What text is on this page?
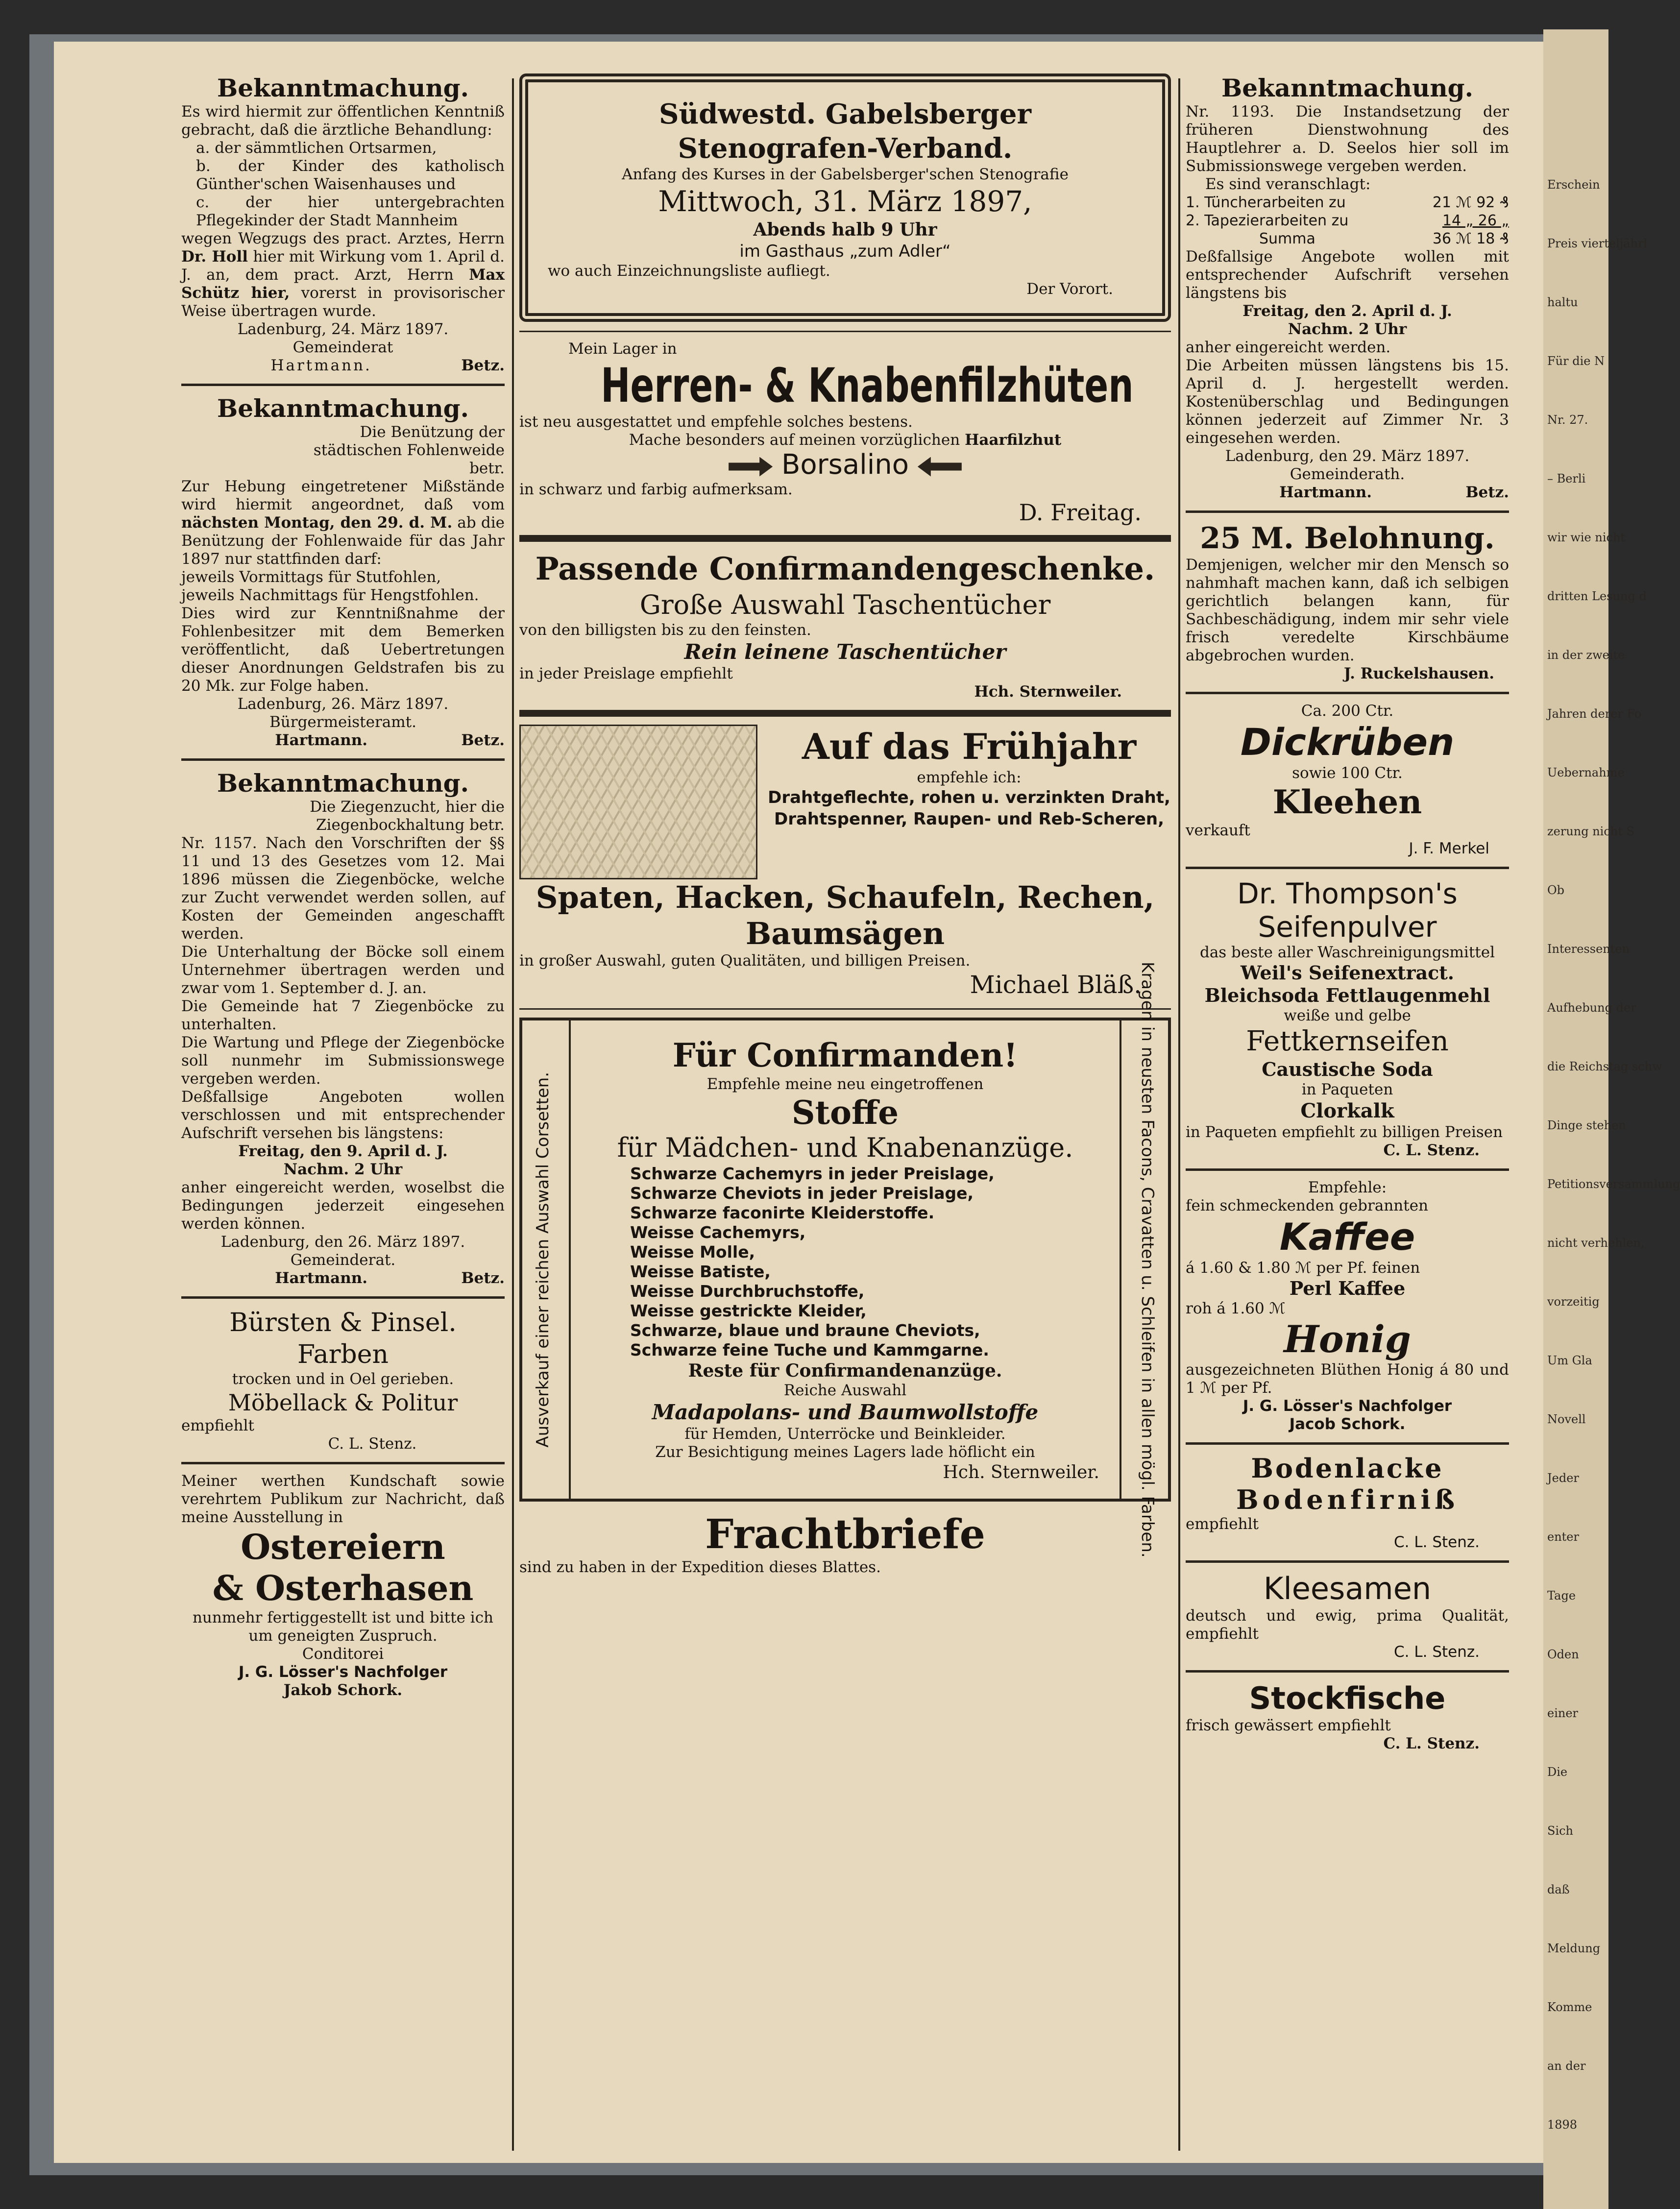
Erschein
Preis vierteljährl
haltu
Für die N
Nr. 27.
– Berli
wir wie nicht
dritten Lesung d
in der zweite
Jahren derer Fo
Uebernahme
zerung nicht S
Ob
Interessenten
Aufhebung der
die Reichstag schw
Dinge stehen
Petitionsversammlung
nicht verhehlen,
vorzeitig
Um Gla
Novell
Jeder
enter
Tage
Oden
einer
Die
Sich
daß
Meldung
Komme
an der
1898
Bekanntmachung.

Es wird hiermit zur öffentlichen Kenntniß gebracht, daß die ärztliche Behandlung:

a. der sämmtlichen Ortsarmen,

b. der Kinder des katholisch Günther'schen Waisenhauses und

c. der hier untergebrachten Pflegekinder der Stadt Mannheim

wegen Wegzugs des pract. Arztes, Herrn Dr. Holl hier mit Wirkung vom 1. April d. J. an, dem pract. Arzt, Herrn Max Schütz hier, vorerst in provisorischer Weise übertragen wurde.

Ladenburg, 24. März 1897.

Gemeinderat

Hartmann.	Betz.

Bekanntmachung.

Die Benützung der städtischen Fohlenweide betr.

Zur Hebung eingetretener Mißstände wird hiermit angeordnet, daß vom nächsten Montag, den 29. d. M. ab die Benützung der Fohlenwaide für das Jahr 1897 nur stattfinden darf:

jeweils Vormittags für Stutfohlen,

jeweils Nachmittags für Hengstfohlen.

Dies wird zur Kenntnißnahme der Fohlenbesitzer mit dem Bemerken veröffentlicht, daß Uebertretungen dieser Anordnungen Geldstrafen bis zu 20 Mk. zur Folge haben.

Ladenburg, 26. März 1897.

Bürgermeisteramt.

Hartmann.	Betz.

Bekanntmachung.

Die Ziegenzucht, hier die Ziegenbockhaltung betr.

Nr. 1157. Nach den Vorschriften der §§ 11 und 13 des Gesetzes vom 12. Mai 1896 müssen die Ziegenböcke, welche zur Zucht verwendet werden sollen, auf Kosten der Gemeinden angeschafft werden.

Die Unterhaltung der Böcke soll einem Unternehmer übertragen werden und zwar vom 1. September d. J. an.

Die Gemeinde hat 7 Ziegenböcke zu unterhalten.

Die Wartung und Pflege der Ziegenböcke soll nunmehr im Submissionswege vergeben werden.

Deßfallsige Angeboten wollen verschlossen und mit entsprechender Aufschrift versehen bis längstens:

Freitag, den 9. April d. J.

Nachm. 2 Uhr

anher eingereicht werden, woselbst die Bedingungen jederzeit eingesehen werden können.

Ladenburg, den 26. März 1897.

Gemeinderat.

Hartmann.	Betz.

Bürsten & Pinsel.
Farben

trocken und in Oel gerieben.

Möbellack & Politur

empfiehlt

C. L. Stenz.

Meiner werthen Kundschaft sowie verehrtem Publikum zur Nachricht, daß meine Ausstellung in

Ostereiern
& Osterhasen

nunmehr fertiggestellt ist und bitte ich um geneigten Zuspruch.

Conditorei

J. G. Lösser's Nachfolger

Jakob Schork.

Südwestd. Gabelsberger
Stenografen-Verband.

Anfang des Kurses in der Gabelsberger'schen Stenografie

Mittwoch, 31. März 1897,

Abends halb 9 Uhr

im Gasthaus „zum Adler“

wo auch Einzeichnungsliste aufliegt.

Der Vorort.

Mein Lager in

Herren- & Knabenfilzhüten

ist neu ausgestattet und empfehle solches bestens.

Mache besonders auf meinen vorzüglichen Haarfilzhut

Borsalino

in schwarz und farbig aufmerksam.

D. Freitag.

Passende Confirmandengeschenke.
Große Auswahl Taschentücher

von den billigsten bis zu den feinsten.

Rein leinene Taschentücher

in jeder Preislage empfiehlt

Hch. Sternweiler.

Auf das Frühjahr

empfehle ich:

Drahtgeflechte, rohen u. verzinkten Draht,

Drahtspenner, Raupen- und Reb-Scheren,

Spaten, Hacken, Schaufeln, Rechen,
Baumsägen

in großer Auswahl, guten Qualitäten, und billigen Preisen.

Michael Bläß.

Ausverkauf einer reichen Auswahl Corsetten.	Kragen in neusten Facons, Cravatten u. Schleifen in allen mögl. Farben.
Für Confirmanden!

Empfehle meine neu eingetroffenen

Stoffe
für Mädchen- und Knabenanzüge.

Schwarze Cachemyrs in jeder Preislage,

Schwarze Cheviots in jeder Preislage,

Schwarze faconirte Kleiderstoffe.

Weisse Cachemyrs,

Weisse Molle,

Weisse Batiste,

Weisse Durchbruchstoffe,

Weisse gestrickte Kleider,

Schwarze, blaue und braune Cheviots,

Schwarze feine Tuche und Kammgarne.

Reste für Confirmandenanzüge.

Reiche Auswahl

Madapolans- und Baumwollstoffe

für Hemden, Unterröcke und Beinkleider.

Zur Besichtigung meines Lagers lade höflicht ein

Hch. Sternweiler.

Frachtbriefe

sind zu haben in der Expedition dieses Blattes.

Bekanntmachung.

Nr. 1193. Die Instandsetzung der früheren Dienstwohnung des Hauptlehrer a. D. Seelos hier soll im Submissionswege vergeben werden.

Es sind veranschlagt:

1. Tüncherarbeiten zu	21 ℳ 92 ₰
2. Tapezierarbeiten zu	14 „ 26 „
Summa	36 ℳ 18 ₰

Deßfallsige Angebote wollen mit entsprechender Aufschrift versehen längstens bis

Freitag, den 2. April d. J.

Nachm. 2 Uhr

anher eingereicht werden.

Die Arbeiten müssen längstens bis 15. April d. J. hergestellt werden. Kostenüberschlag und Bedingungen können jederzeit auf Zimmer Nr. 3 eingesehen werden.

Ladenburg, den 29. März 1897.

Gemeinderath.

Hartmann.	Betz.

25 M. Belohnung.

Demjenigen, welcher mir den Mensch so nahmhaft machen kann, daß ich selbigen gerichtlich belangen kann, für Sachbeschädigung, indem mir sehr viele frisch veredelte Kirschbäume abgebrochen wurden.

J. Ruckelshausen.

Ca. 200 Ctr.

Dickrüben

sowie 100 Ctr.

Kleehen

verkauft

J. F. Merkel

Dr. Thompson's
Seifenpulver

das beste aller Waschreinigungsmittel

Weil's Seifenextract.

Bleichsoda Fettlaugenmehl

weiße und gelbe

Fettkernseifen

Caustische Soda

in Paqueten

Clorkalk

in Paqueten empfiehlt zu billigen Preisen

C. L. Stenz.

Empfehle:

fein schmeckenden gebrannten

Kaffee

á 1.60 & 1.80 ℳ per Pf. feinen

Perl Kaffee

roh á 1.60 ℳ

Honig

ausgezeichneten Blüthen Honig á 80 und 1 ℳ per Pf.

J. G. Lösser's Nachfolger

Jacob Schork.

Bodenlacke
Bodenfirniß

empfiehlt

C. L. Stenz.

Kleesamen

deutsch und ewig, prima Qualität, empfiehlt

C. L. Stenz.

Stockfische

frisch gewässert empfiehlt

C. L. Stenz.
